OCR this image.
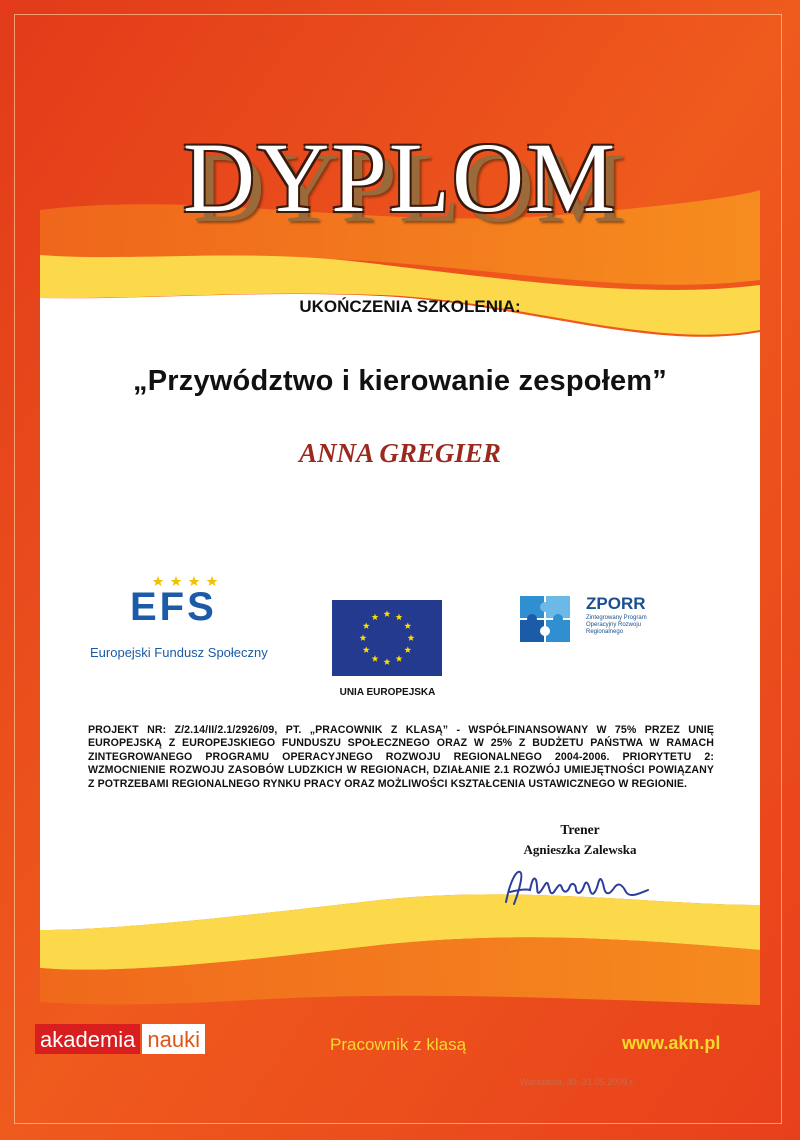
DYPLOM
UKOŃCZENIA SZKOLENIA:
„Przywództwo i kierowanie zespołem”
ANNA GREGIER
EFS
Europejski Fundusz Społeczny
UNIA EUROPEJSKA
ZPORR
Zintegrowany Program Operacyjny Rozwoju Regionalnego
PROJEKT NR: Z/2.14/II/2.1/2926/09, PT. „PRACOWNIK Z KLASĄ” - WSPÓŁFINANSOWANY W 75% PRZEZ UNIĘ EUROPEJSKĄ Z EUROPEJSKIEGO FUNDUSZU SPOŁECZNEGO ORAZ W 25% Z BUDŻETU PAŃSTWA W RAMACH ZINTEGROWANEGO PROGRAMU OPERACYJNEGO ROZWOJU REGIONALNEGO 2004-2006. PRIORYTETU 2: WZMOCNIENIE ROZWOJU ZASOBÓW LUDZKICH W REGIONACH, DZIAŁANIE 2.1 ROZWÓJ UMIEJĘTNOŚCI POWIĄZANY Z POTRZEBAMI REGIONALNEGO RYNKU PRACY ORAZ MOŻLIWOŚCI KSZTAŁCENIA USTAWICZNEGO W REGIONIE.
Trener
Agnieszka Zalewska
akademia nauki	Pracownik z klasą	www.akn.pl
Warszawa, 30.-31.05.2009 r.
